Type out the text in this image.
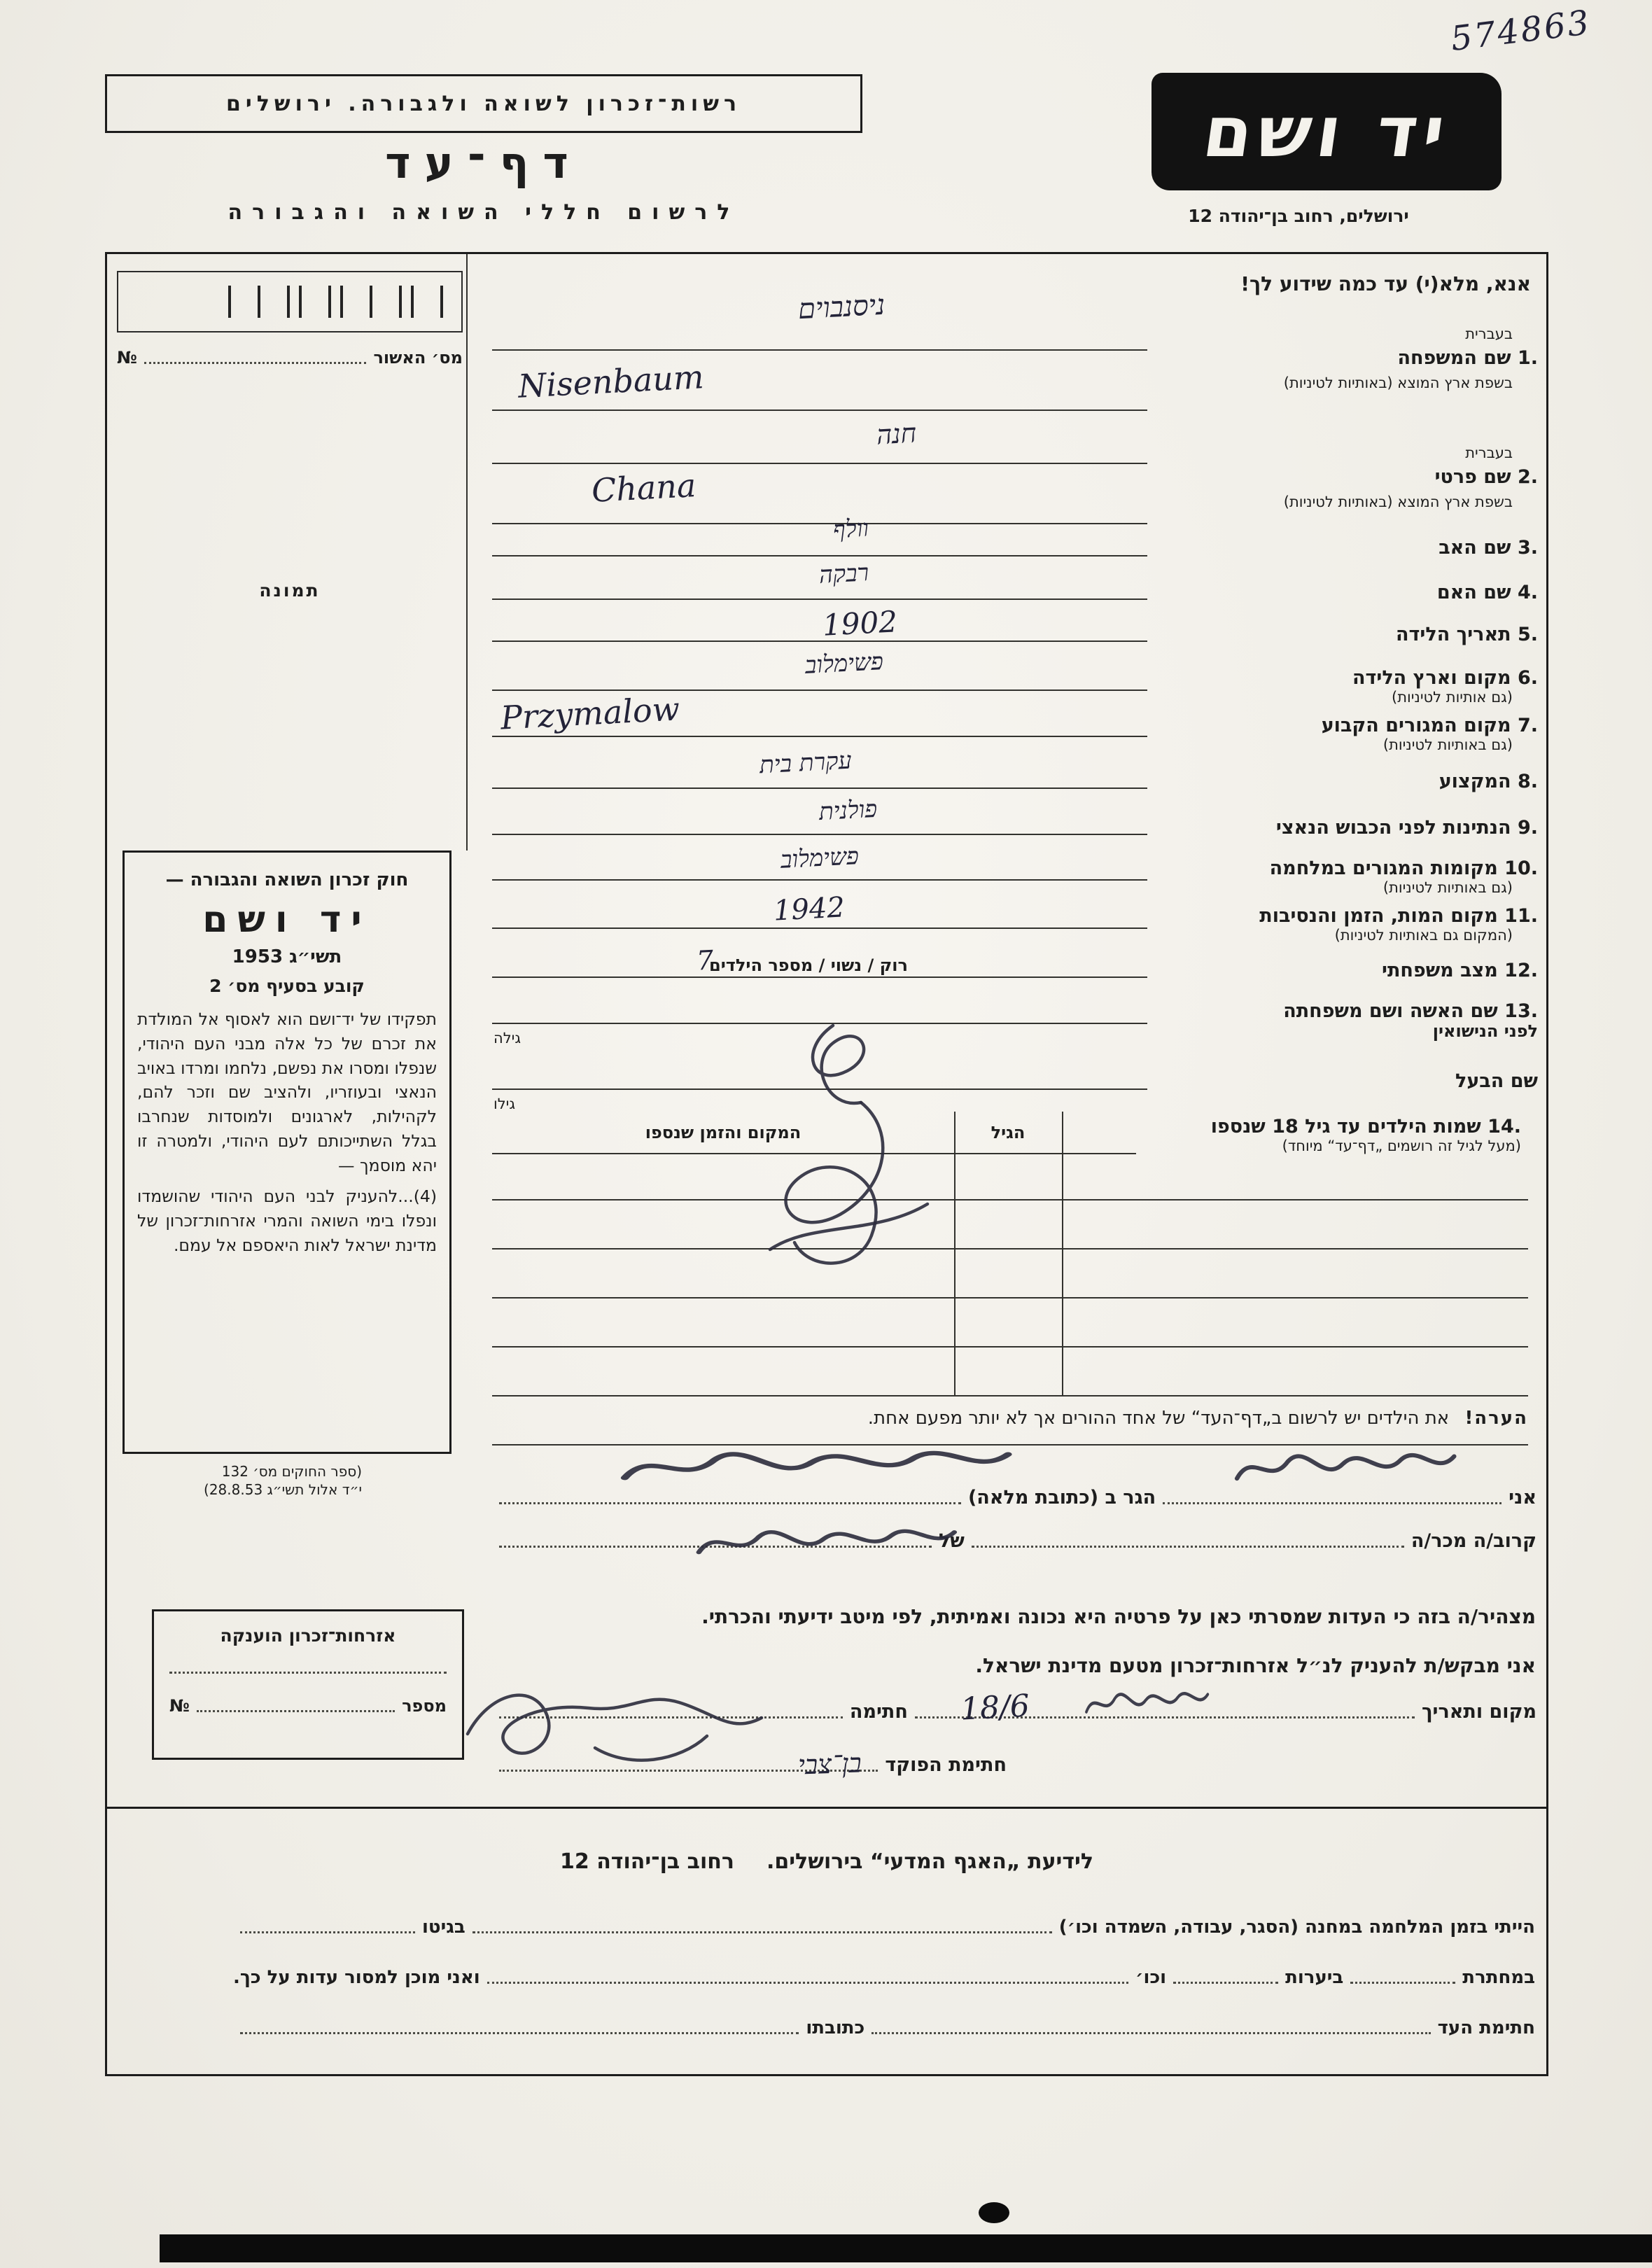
574863
רשות־זכרון לשואה ולגבורה. ירושלים
דף־עד
לרשום חללי השואה והגבורה
יד ושם
ירושלים, רחוב בן־יהודה 12
אנא, מלא(י) עד כמה שידוע לך!
מס׳ האשור
№
תמונה
חוק זכרון השואה והגבורה —
יד ושם
תשי״ג 1953
קובע בסעיף מס׳ 2
תפקידו של יד־ושם הוא לאסוף אל המולדת את זכרם של כל אלה מבני העם היהודי, שנפלו ומסרו את נפשם, נלחמו ומרדו באויב הנאצי ובעוזריו, ולהציב שם וזכר להם, לקהילות, לארגונים ולמוסדות שנחרבו בגלל השתייכותם לעם היהודי, ולמטרה זו יהא מוסמך —
(4)...להעניק לבני העם היהודי שהושמדו ונפלו בימי השואה והמרי אזרחות־זכרון של מדינת ישראל לאות היאספם אל עמם.
(ספר החוקים מס׳ 132
י״ד אלול תשי״ג 28.8.53)
אזרחות־זכרון הוענקה
מספר
№
בעברית
1. שם המשפחה
בשפת ארץ המוצא (באותיות לטיניות)
בעברית
2. שם פרטי
בשפת ארץ המוצא (באותיות לטיניות)
3. שם האב
4. שם האם
5. תאריך הלידה
6. מקום וארץ הלידה
(גם אותיות לטיניות)
7. מקום המגורים הקבוע
(גם באותיות לטיניות)
8. המקצוע
9. הנתינות לפני הכבוש הנאצי
10. מקומות המגורים במלחמה
(גם באותיות לטיניות)
11. מקום המות, הזמן והנסיבות
(המקום גם באותיות לטיניות)
12. מצב משפחתי
רוק / נשוי / מספר הילדים
13. שם האשה ושם משפחתה
לפני הנישואין
גילה
שם הבעל
גילו
14. שמות הילדים עד גיל 18 שנספו
(מעל לגיל זה רושמים „דף־עד“ מיוחד)
המקום והזמן שנספו	הגיל
הערה! את הילדים יש לרשום ב„דף־העד“ של אחד ההורים אך לא יותר מפעם אחת.
אני
הגר ב (כתובת מלאה)
קרוב/ה מכר/ה
של
מצהיר/ה בזה כי העדות שמסרתי כאן על פרטיה היא נכונה ואמיתית, לפי מיטב ידיעתי והכרתי.
אני מבקש/ת להעניק לנ״ל אזרחות־זכרון מטעם מדינת ישראל.
מקום ותאריך
חתימה
חתימת הפוקד
לידיעת „האגף המדעי“ בירושלים.
רחוב בן־יהודה 12
הייתי בזמן המלחמה במחנה (הסגר, עבודה, השמדה וכו׳)
בגיטו
במחתרת
ביערות
וכו׳
ואני מוכן למסור עדות על כך.
חתימת העד
כתובתו
ניסנבוים
Nisenbaum
חנה
Chana
וולף
רבקה
1902
פשימלוב
Przymalow
עקרת בית
פולנית
פשימלוב
1942
7
18/6
בן־צבי
